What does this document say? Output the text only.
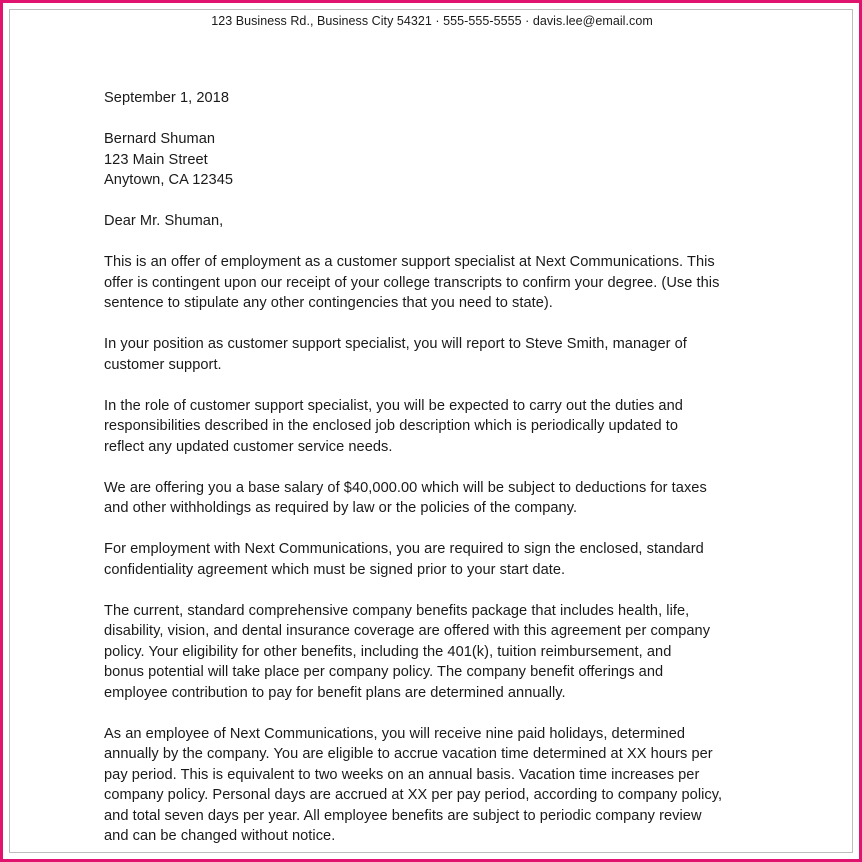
123 Business Rd., Business City 54321 · 555-555-5555 · davis.lee@email.com
September 1, 2018
Bernard Shuman
123 Main Street
Anytown, CA 12345
Dear Mr. Shuman,
This is an offer of employment as a customer support specialist at Next Communications. This
offer is contingent upon our receipt of your college transcripts to confirm your degree. (Use this
sentence to stipulate any other contingencies that you need to state).
In your position as customer support specialist, you will report to Steve Smith, manager of
customer support.
In the role of customer support specialist, you will be expected to carry out the duties and
responsibilities described in the enclosed job description which is periodically updated to
reflect any updated customer service needs.
We are offering you a base salary of $40,000.00 which will be subject to deductions for taxes
and other withholdings as required by law or the policies of the company.
For employment with Next Communications, you are required to sign the enclosed, standard
confidentiality agreement which must be signed prior to your start date.
The current, standard comprehensive company benefits package that includes health, life,
disability, vision, and dental insurance coverage are offered with this agreement per company
policy. Your eligibility for other benefits, including the 401(k), tuition reimbursement, and
bonus potential will take place per company policy. The company benefit offerings and
employee contribution to pay for benefit plans are determined annually.
As an employee of Next Communications, you will receive nine paid holidays, determined
annually by the company. You are eligible to accrue vacation time determined at XX hours per
pay period. This is equivalent to two weeks on an annual basis. Vacation time increases per
company policy. Personal days are accrued at XX per pay period, according to company policy,
and total seven days per year. All employee benefits are subject to periodic company review
and can be changed without notice.
